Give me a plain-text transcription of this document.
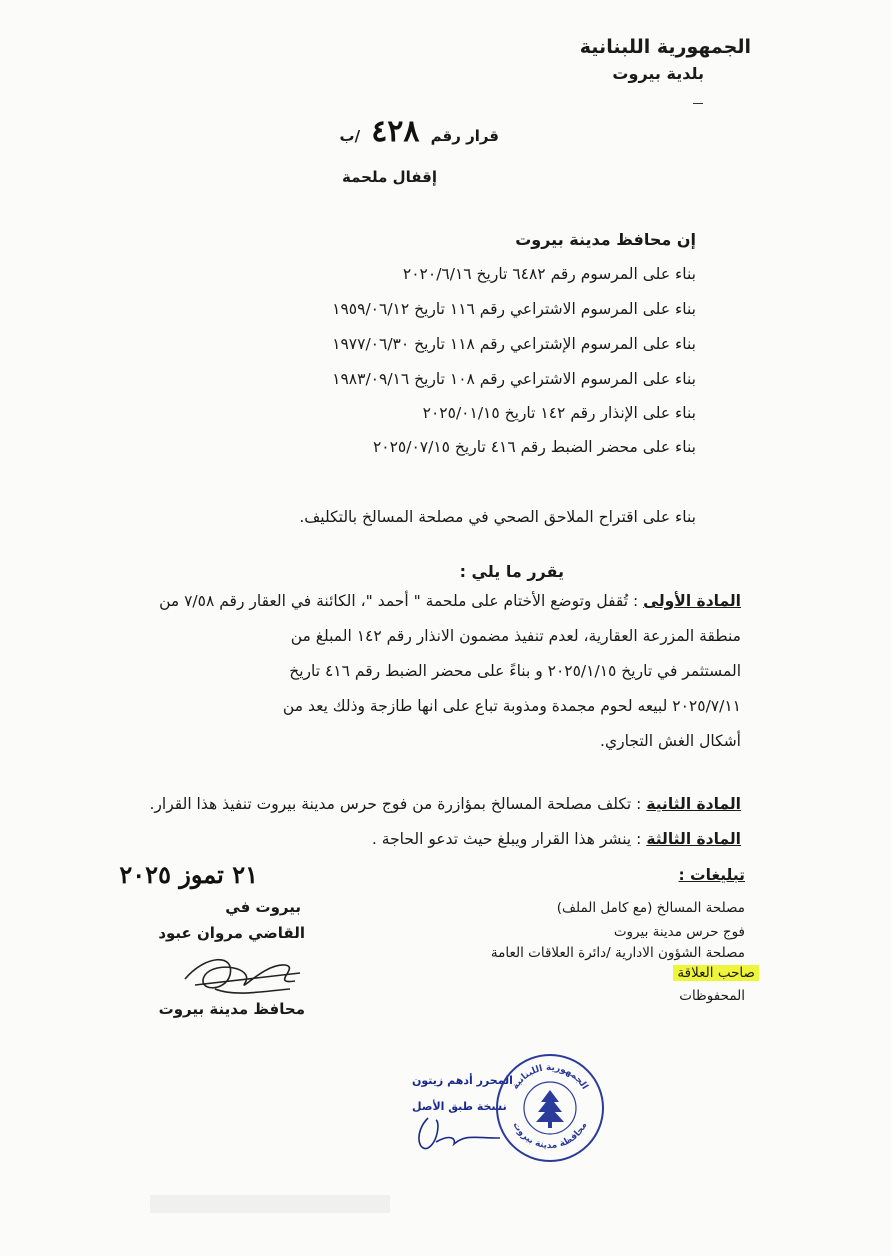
الجمهورية اللبنانية
بلدية بيروت
قرار رقم ٤٢٨ /ب
إقفال ملحمة
إن محافظ مدينة بيروت
بناء على المرسوم رقم ٦٤٨٢ تاريخ ٢٠٢٠/٦/١٦
بناء على المرسوم الاشتراعي رقم ١١٦ تاريخ ١٩٥٩/٠٦/١٢
بناء على المرسوم الإشتراعي رقم ١١٨ تاريخ ١٩٧٧/٠٦/٣٠
بناء على المرسوم الاشتراعي رقم ١٠٨ تاريخ ١٩٨٣/٠٩/١٦
بناء على الإنذار رقم ١٤٢ تاريخ ٢٠٢٥/٠١/١٥
بناء على محضر الضبط رقم ٤١٦ تاريخ ٢٠٢٥/٠٧/١٥
بناء على اقتراح الملاحق الصحي في مصلحة المسالخ بالتكليف.
يقرر ما يلي :
المادة الأولى : تُقفل وتوضع الأختام على ملحمة " أحمد "، الكائنة في العقار رقم ٧/٥٨ من
منطقة المزرعة العقارية، لعدم تنفيذ مضمون الانذار رقم ١٤٢ المبلغ من
المستثمر في تاريخ ٢٠٢٥/١/١٥ و بناءً على محضر الضبط رقم ٤١٦ تاريخ
٢٠٢٥/٧/١١ لبيعه لحوم مجمدة ومذوبة تباع على انها طازجة وذلك يعد من
أشكال الغش التجاري.
المادة الثانية : تكلف مصلحة المسالخ بمؤازرة من فوج حرس مدينة بيروت تنفيذ هذا القرار.
المادة الثالثة : ينشر هذا القرار ويبلغ حيث تدعو الحاجة .
تبليغات :
مصلحة المسالخ (مع كامل الملف)
فوج حرس مدينة بيروت
مصلحة الشؤون الادارية /دائرة العلاقات العامة
صاحب العلاقة
المحفوظات
٢١ تموز ٢٠٢٥
بيروت في
القاضي مروان عبود
محافظ مدينة بيروت
المحرر أدهم زيتون
نسخة طبق الأصل
الجمهورية اللبنانية
محافظة مدينة بيروت
